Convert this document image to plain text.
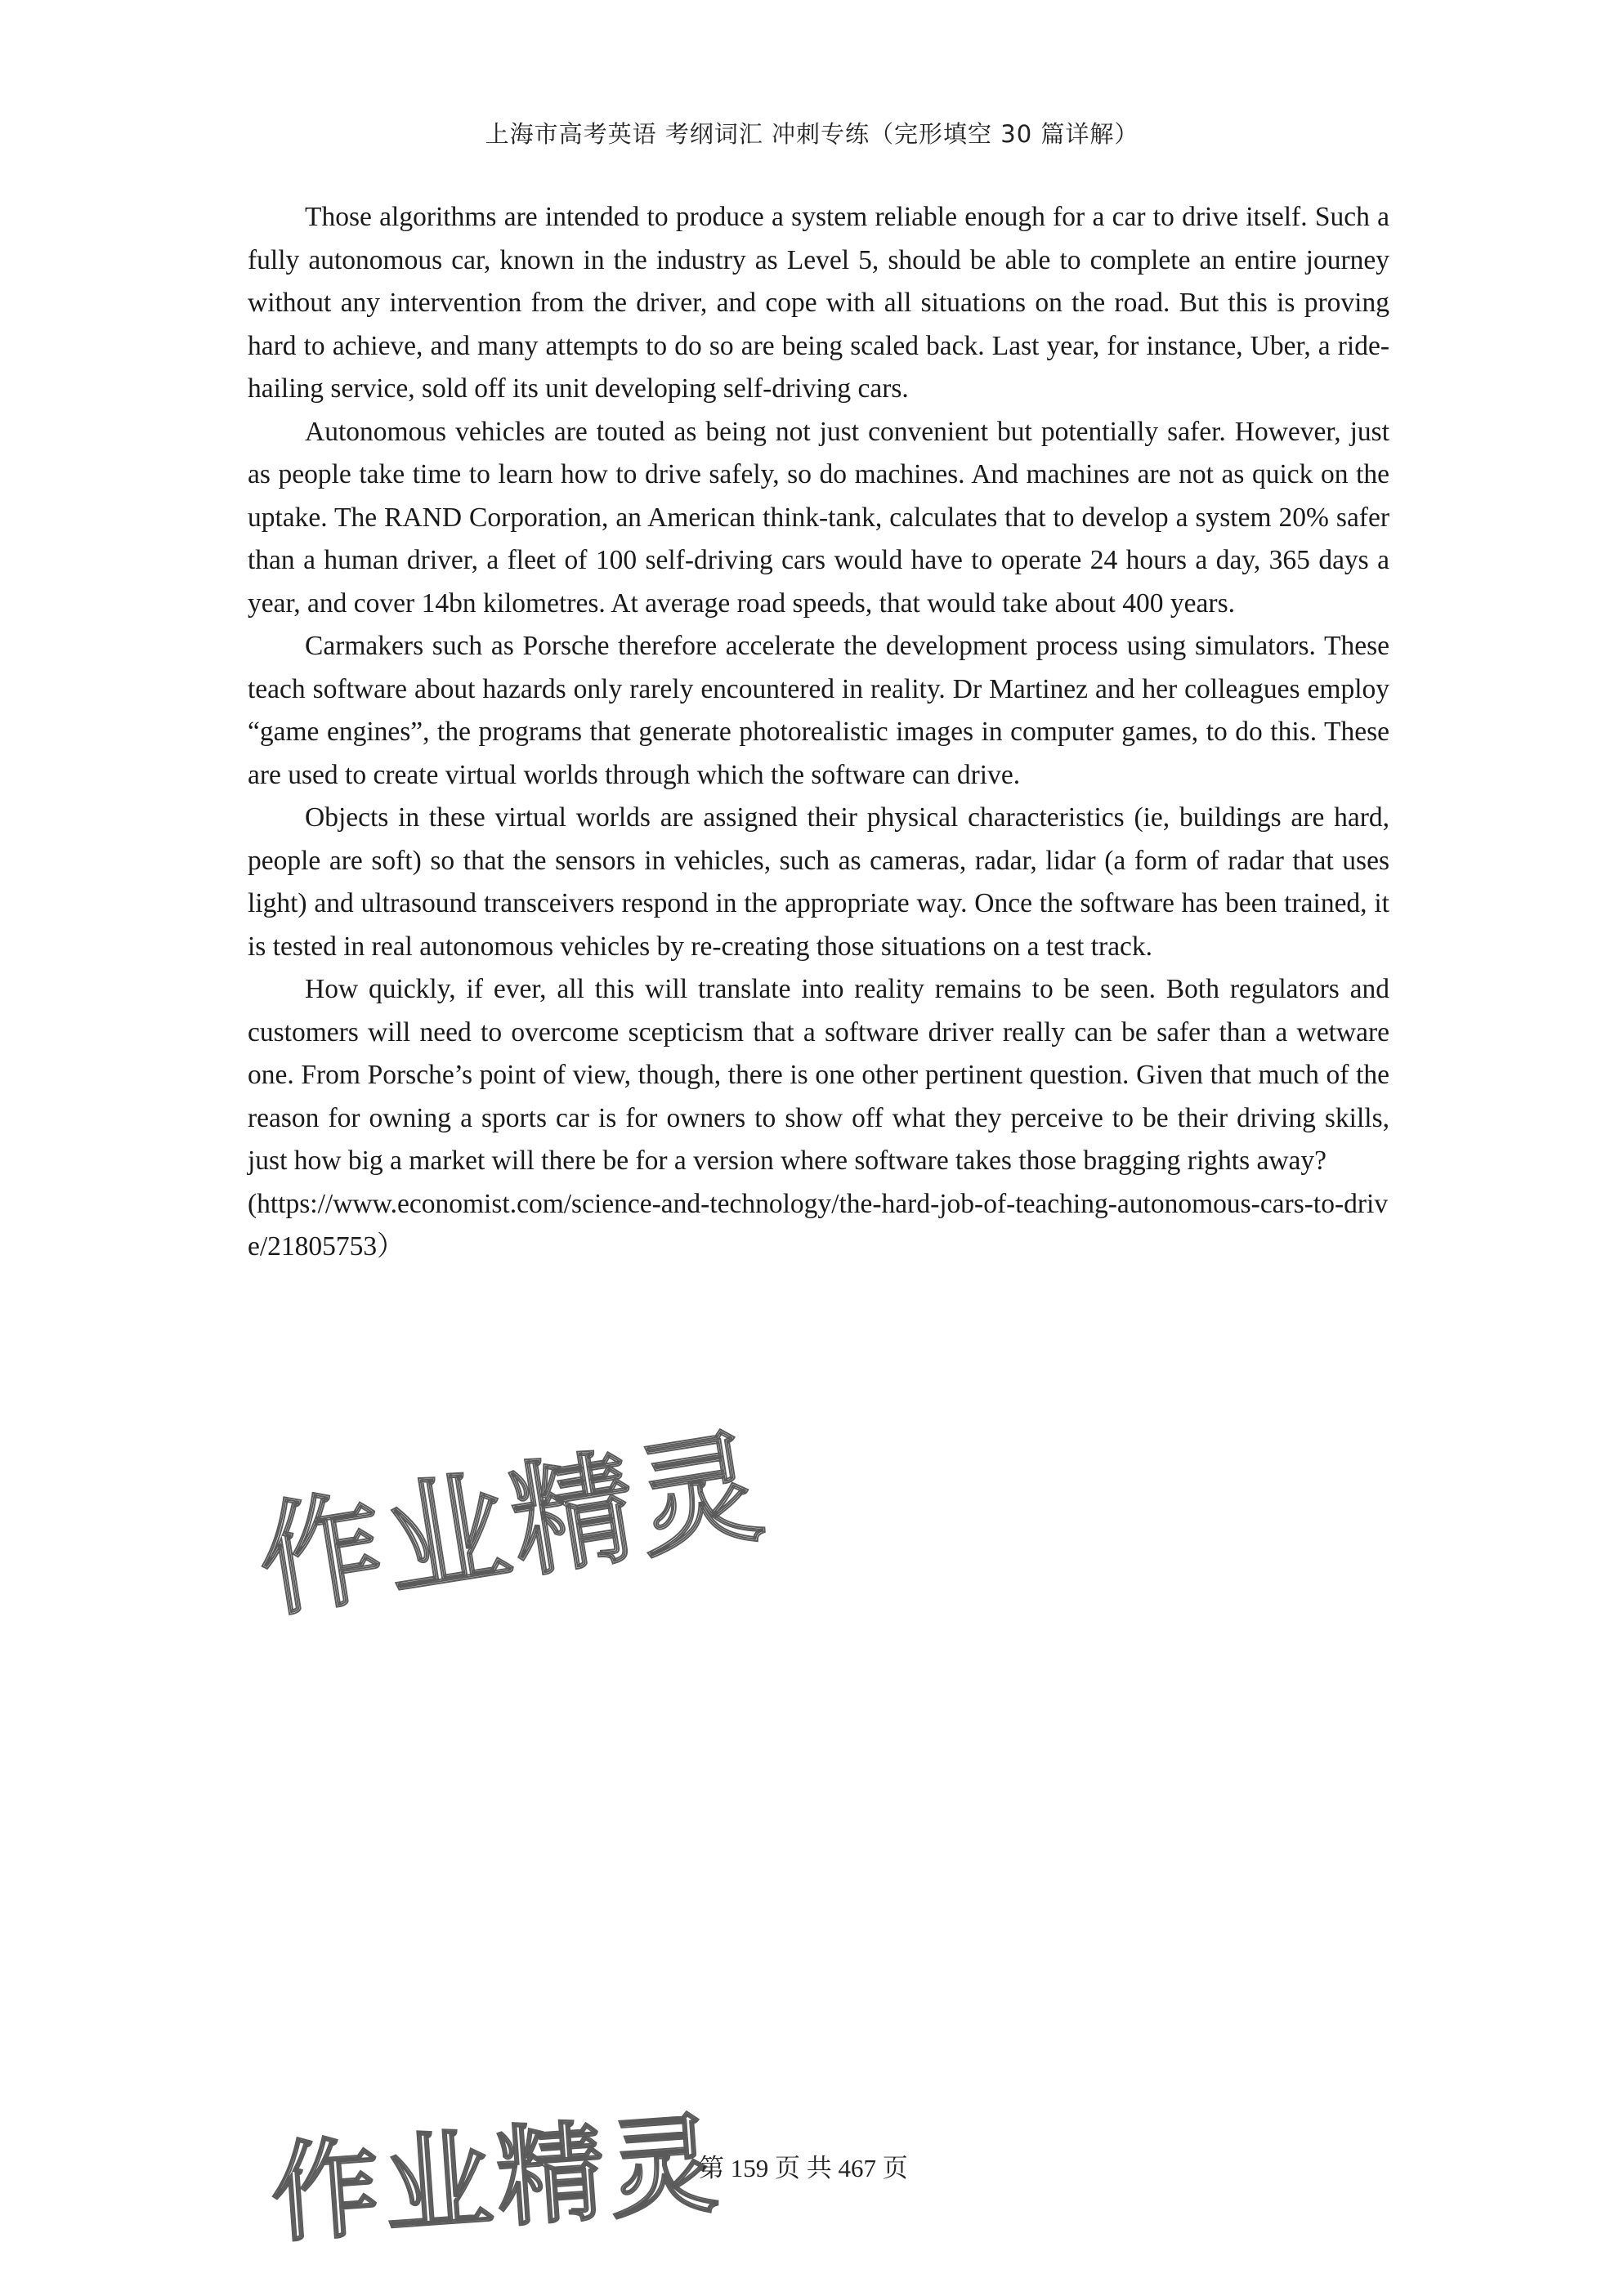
上海市高考英语 考纲词汇 冲刺专练（完形填空 30 篇详解）

Those algorithms are intended to produce a system reliable enough for a car to drive itself. Such a fully autonomous car, known in the industry as Level 5, should be able to complete an entire journey without any intervention from the driver, and cope with all situations on the road. But this is proving hard to achieve, and many attempts to do so are being scaled back. Last year, for instance, Uber, a ride-hailing service, sold off its unit developing self-driving cars.

Autonomous vehicles are touted as being not just convenient but potentially safer. However, just as people take time to learn how to drive safely, so do machines. And machines are not as quick on the uptake. The RAND Corporation, an American think-tank, calculates that to develop a system 20% safer than a human driver, a fleet of 100 self-driving cars would have to operate 24 hours a day, 365 days a year, and cover 14bn kilometres. At average road speeds, that would take about 400 years.

Carmakers such as Porsche therefore accelerate the development process using simulators. These teach software about hazards only rarely encountered in reality. Dr Martinez and her colleagues employ “game engines”, the programs that generate photorealistic images in computer games, to do this. These are used to create virtual worlds through which the software can drive.

Objects in these virtual worlds are assigned their physical characteristics (ie, buildings are hard, people are soft) so that the sensors in vehicles, such as cameras, radar, lidar (a form of radar that uses light) and ultrasound transceivers respond in the appropriate way. Once the software has been trained, it is tested in real autonomous vehicles by re-creating those situations on a test track.

How quickly, if ever, all this will translate into reality remains to be seen. Both regulators and customers will need to overcome scepticism that a software driver really can be safer than a wetware one. From Porsche’s point of view, though, there is one other pertinent question. Given that much of the reason for owning a sports car is for owners to show off what they perceive to be their driving skills, just how big a market will there be for a version where software takes those bragging rights away?

(https://www.economist.com/science-and-technology/the-hard-job-of-teaching-autonomous-cars-to-drive/21805753）
作业精灵
作业精灵
第 159 页 共 467 页
